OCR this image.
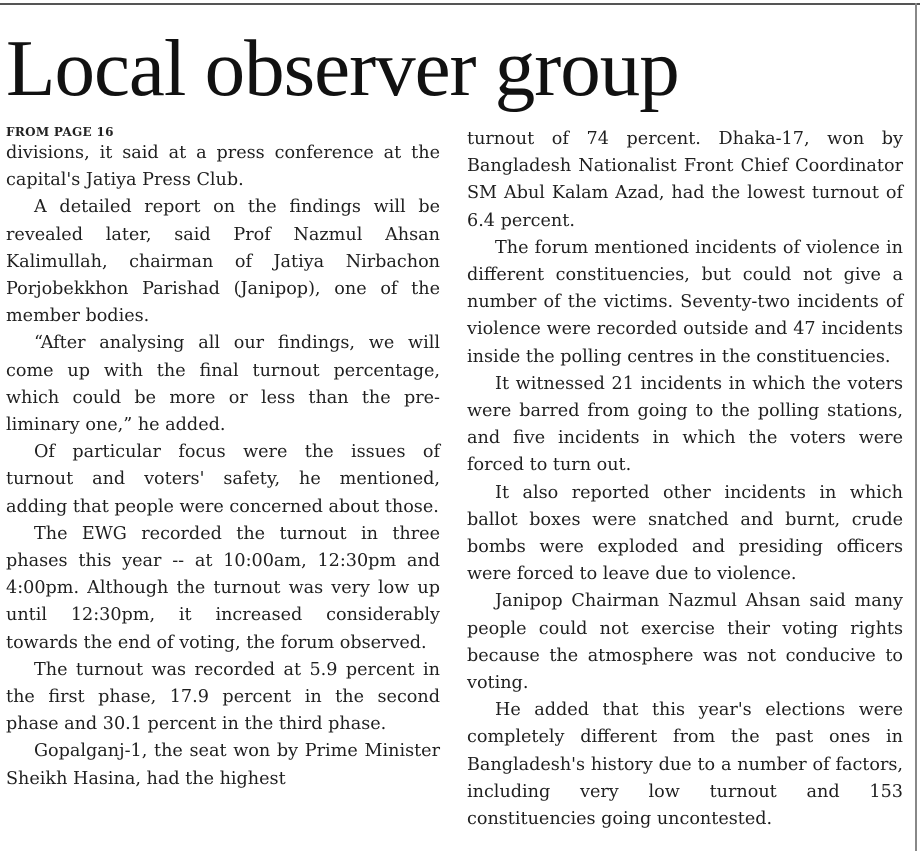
Local observer group
FROM PAGE 16

divisions, it said at a press conference at the capital's Jatiya Press Club.

A detailed report on the findings will be revealed later, said Prof Nazmul Ahsan Kalimullah, chairman of Jatiya Nirbachon Porjobekkhon Parishad (Janipop), one of the member bodies.

“After analysing all our findings, we will come up with the final turnout percentage, which could be more or less than the preliminary one,” he added.

Of particular focus were the issues of turnout and voters' safety, he mentioned, adding that people were concerned about those.

The EWG recorded the turnout in three phases this year -- at 10:00am, 12:30pm and 4:00pm. Although the turnout was very low up until 12:30pm, it increased considerably towards the end of voting, the forum observed.

The turnout was recorded at 5.9 percent in the first phase, 17.9 percent in the second phase and 30.1 percent in the third phase.

Gopalganj-1, the seat won by Prime Minister Sheikh Hasina, had the highest

turnout of 74 percent. Dhaka-17, won by Bangladesh Nationalist Front Chief Coordinator SM Abul Kalam Azad, had the lowest turnout of 6.4 percent.

The forum mentioned incidents of violence in different constituencies, but could not give a number of the victims. Seventy-two incidents of violence were recorded outside and 47 incidents inside the polling centres in the constituencies.

It witnessed 21 incidents in which the voters were barred from going to the polling stations, and five incidents in which the voters were forced to turn out.

It also reported other incidents in which ballot boxes were snatched and burnt, crude bombs were exploded and presiding officers were forced to leave due to violence.

Janipop Chairman Nazmul Ahsan said many people could not exercise their voting rights because the atmosphere was not conducive to voting.

He added that this year's elections were completely different from the past ones in Bangladesh's history due to a number of factors, including very low turnout and 153 constituencies going uncontested.
